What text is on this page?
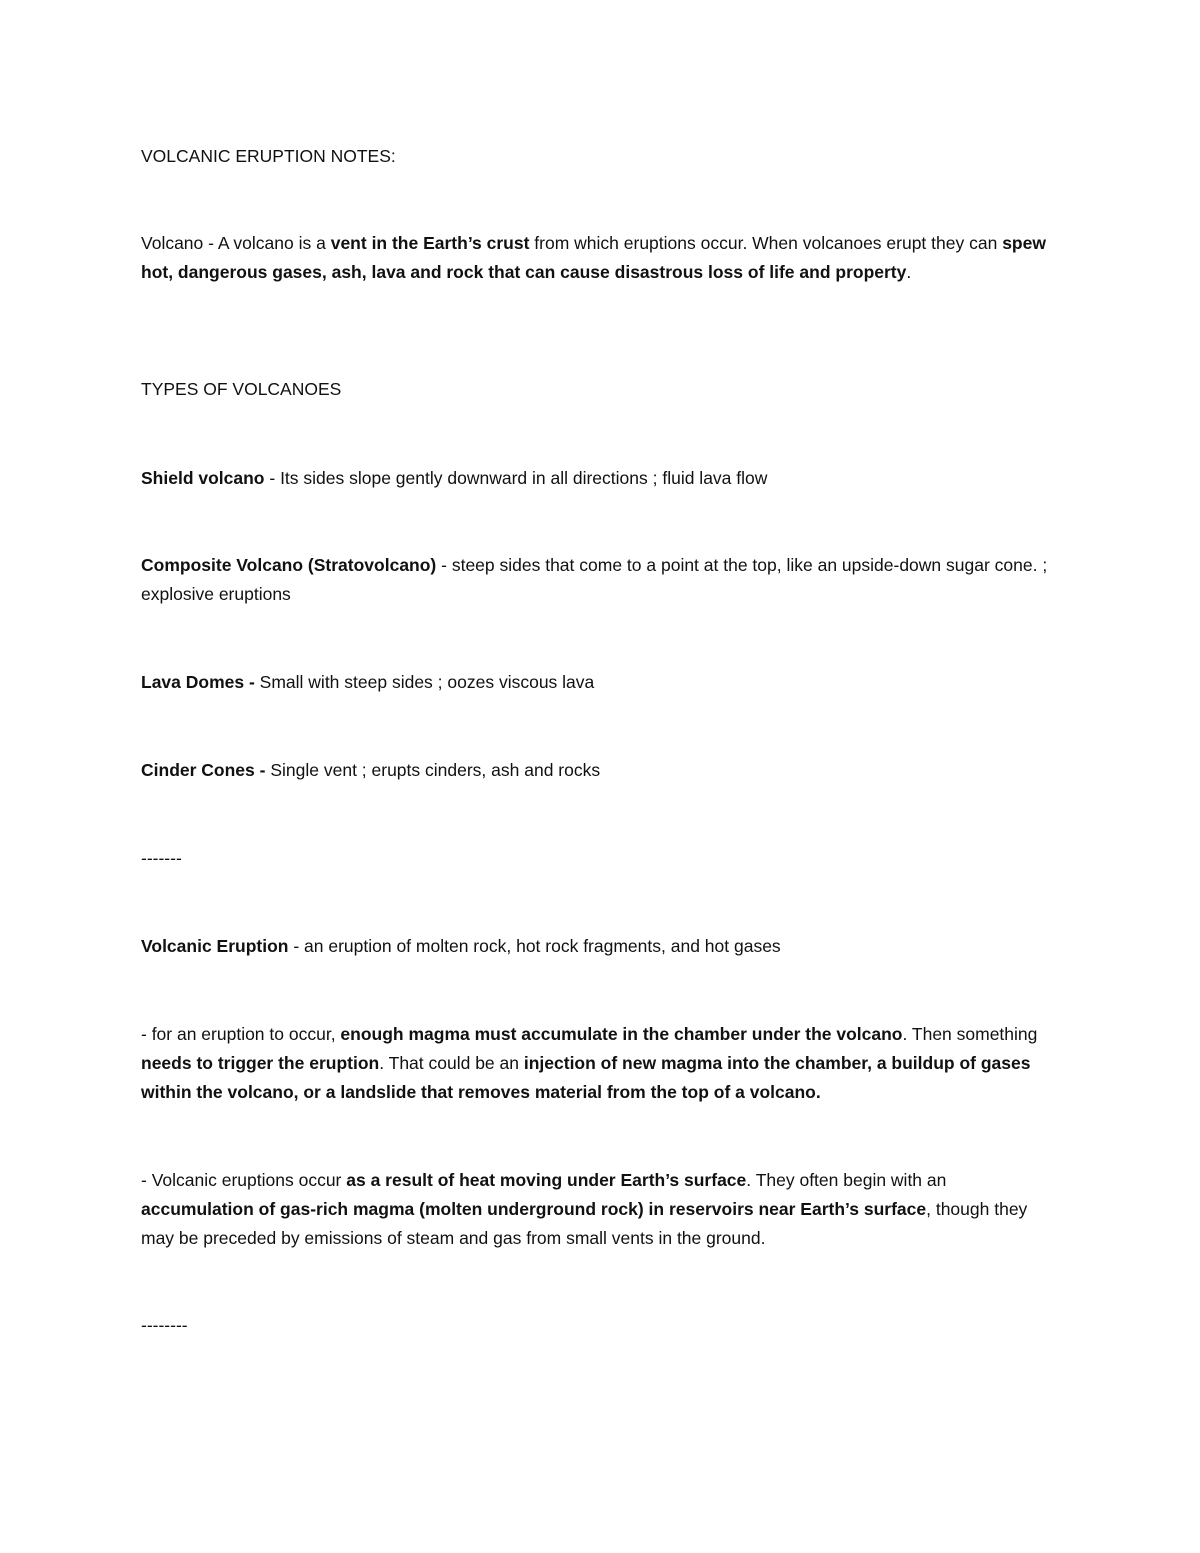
VOLCANIC ERUPTION NOTES:

Volcano - A volcano is a vent in the Earth’s crust from which eruptions occur. When volcanoes erupt they can spew hot, dangerous gases, ash, lava and rock that can cause disastrous loss of life and property.

TYPES OF VOLCANOES

Shield volcano - Its sides slope gently downward in all directions ; fluid lava flow

Composite Volcano (Stratovolcano) - steep sides that come to a point at the top, like an upside-down sugar cone. ; explosive eruptions

Lava Domes - Small with steep sides ; oozes viscous lava

Cinder Cones - Single vent ; erupts cinders, ash and rocks

-------

Volcanic Eruption - an eruption of molten rock, hot rock fragments, and hot gases

- for an eruption to occur, enough magma must accumulate in the chamber under the volcano. Then something needs to trigger the eruption. That could be an injection of new magma into the chamber, a buildup of gases within the volcano, or a landslide that removes material from the top of a volcano.

- Volcanic eruptions occur as a result of heat moving under Earth’s surface. They often begin with an accumulation of gas-rich magma (molten underground rock) in reservoirs near Earth’s surface, though they may be preceded by emissions of steam and gas from small vents in the ground.

--------
